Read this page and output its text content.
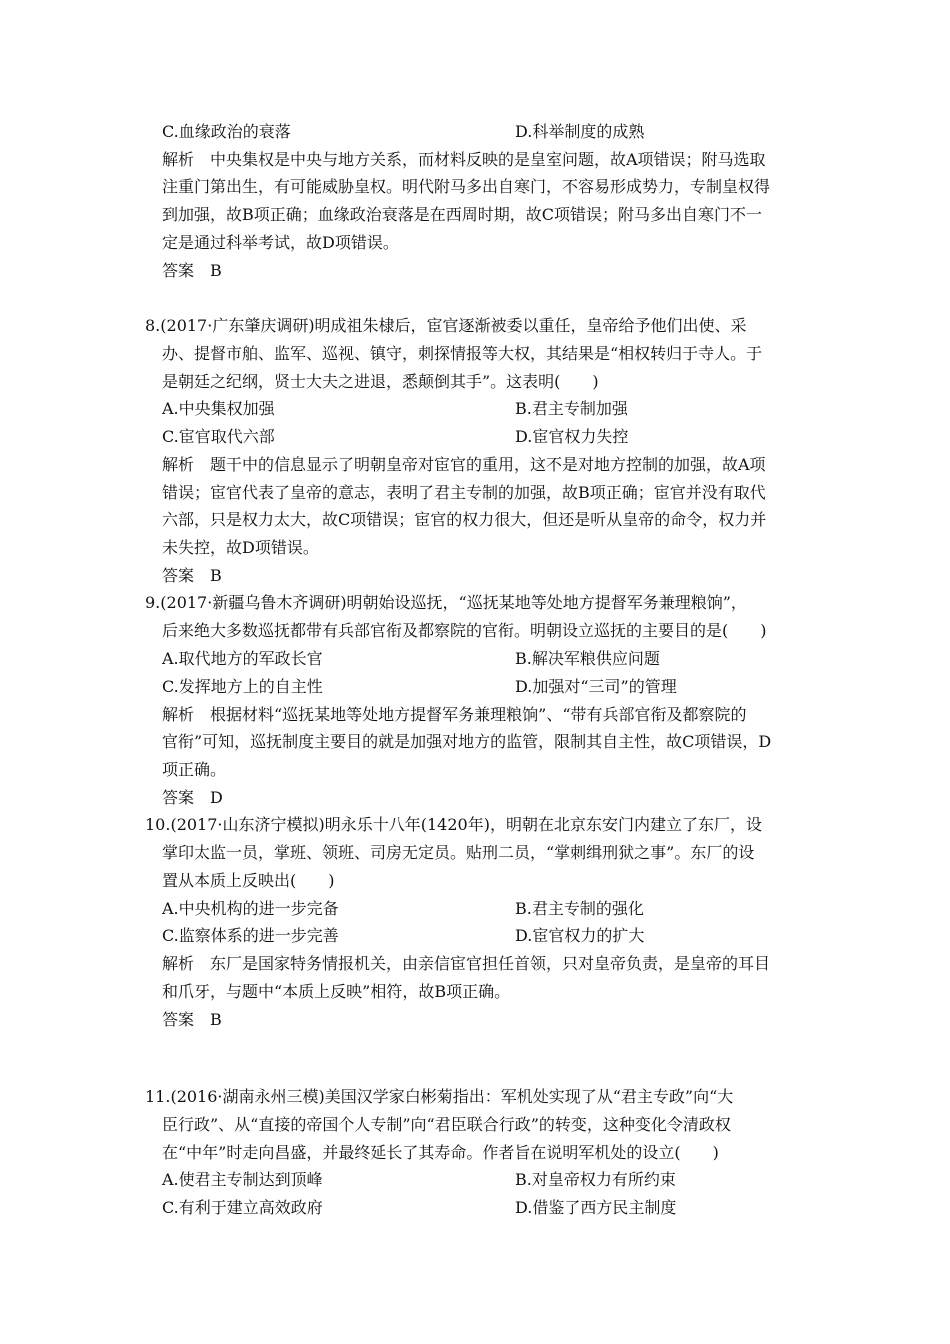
C.血缘政治的衰落	D.科举制度的成熟
解析　中央集权是中央与地方关系，而材料反映的是皇室问题，故A项错误；附马选取
注重门第出生，有可能威胁皇权。明代附马多出自寒门，不容易形成势力，专制皇权得
到加强，故B项正确；血缘政治衰落是在西周时期，故C项错误；附马多出自寒门不一
定是通过科举考试，故D项错误。
答案　B
8.(2017·广东肇庆调研)明成祖朱棣后，宦官逐渐被委以重任，皇帝给予他们出使、采
办、提督市舶、监军、巡视、镇守，刺探情报等大权，其结果是“相权转归于寺人。于
是朝廷之纪纲，贤士大夫之进退，悉颠倒其手”。这表明(　　)
A.中央集权加强	B.君主专制加强
C.宦官取代六部	D.宦官权力失控
解析　题干中的信息显示了明朝皇帝对宦官的重用，这不是对地方控制的加强，故A项
错误；宦官代表了皇帝的意志，表明了君主专制的加强，故B项正确；宦官并没有取代
六部，只是权力太大，故C项错误；宦官的权力很大，但还是听从皇帝的命令，权力并
未失控，故D项错误。
答案　B
9.(2017·新疆乌鲁木齐调研)明朝始设巡抚，“巡抚某地等处地方提督军务兼理粮饷”，
后来绝大多数巡抚都带有兵部官衔及都察院的官衔。明朝设立巡抚的主要目的是(　　)
A.取代地方的军政长官	B.解决军粮供应问题
C.发挥地方上的自主性	D.加强对“三司”的管理
解析　根据材料“巡抚某地等处地方提督军务兼理粮饷”、“带有兵部官衔及都察院的
官衔”可知，巡抚制度主要目的就是加强对地方的监管，限制其自主性，故C项错误，D
项正确。
答案　D
10.(2017·山东济宁模拟)明永乐十八年(1420年)，明朝在北京东安门内建立了东厂，设
掌印太监一员，掌班、领班、司房无定员。贴刑二员，“掌刺缉刑狱之事”。东厂的设
置从本质上反映出(　　)
A.中央机构的进一步完备	B.君主专制的强化
C.监察体系的进一步完善	D.宦官权力的扩大
解析　东厂是国家特务情报机关，由亲信宦官担任首领，只对皇帝负责，是皇帝的耳目
和爪牙，与题中“本质上反映”相符，故B项正确。
答案　B
11.(2016·湖南永州三模)美国汉学家白彬菊指出：军机处实现了从“君主专政”向“大
臣行政”、从“直接的帝国个人专制”向“君臣联合行政”的转变，这种变化令清政权
在“中年”时走向昌盛，并最终延长了其寿命。作者旨在说明军机处的设立(　　)
A.使君主专制达到顶峰	B.对皇帝权力有所约束
C.有利于建立高效政府	D.借鉴了西方民主制度
